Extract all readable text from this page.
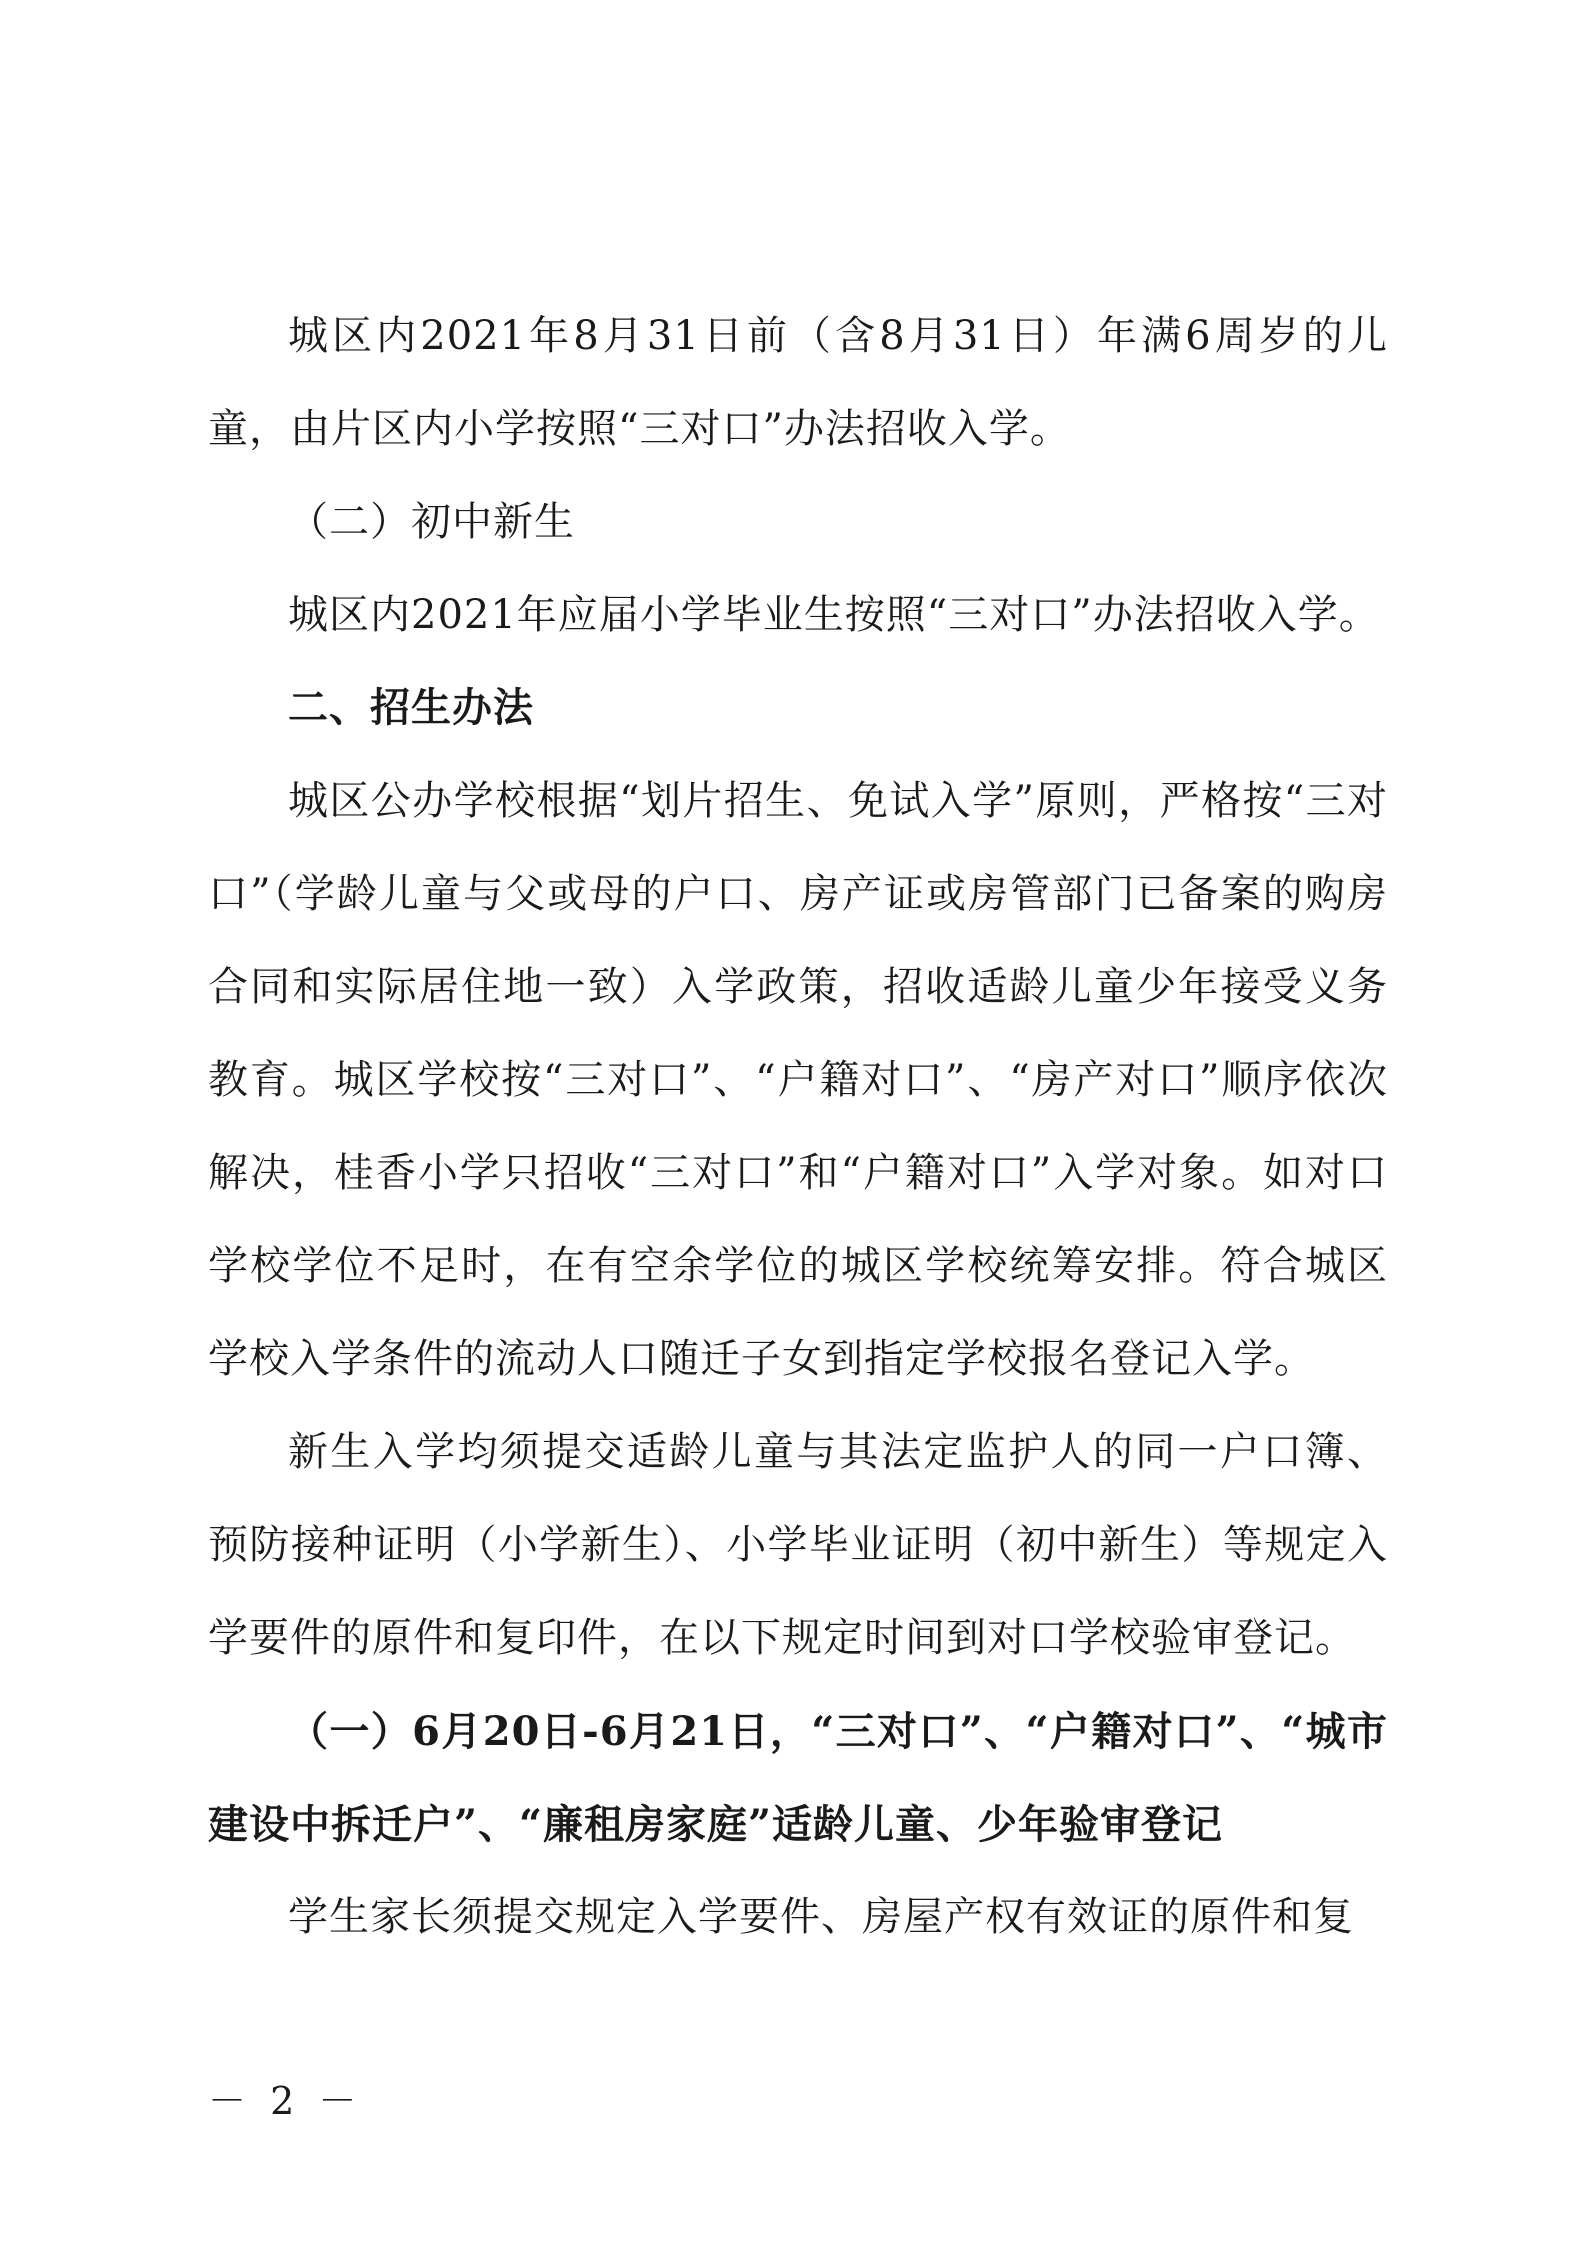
城区内2021年8月31日前（含8月31日）年满6周岁的儿童，由片区内小学按照“三对口”办法招收入学。

（二）初中新生

城区内2021年应届小学毕业生按照“三对口”办法招收入学。

二、招生办法

城区公办学校根据“划片招生、免试入学”原则，严格按“三对口”（学龄儿童与父或母的户口、房产证或房管部门已备案的购房合同和实际居住地一致）入学政策，招收适龄儿童少年接受义务教育。城区学校按“三对口”、“户籍对口”、“房产对口”顺序依次解决，桂香小学只招收“三对口”和“户籍对口”入学对象。如对口学校学位不足时，在有空余学位的城区学校统筹安排。符合城区学校入学条件的流动人口随迁子女到指定学校报名登记入学。

新生入学均须提交适龄儿童与其法定监护人的同一户口簿、预防接种证明（小学新生）、小学毕业证明（初中新生）等规定入学要件的原件和复印件，在以下规定时间到对口学校验审登记。

（一）6月20日-6月21日，“三对口”、“户籍对口”、“城市建设中拆迁户”、“廉租房家庭”适龄儿童、少年验审登记

学生家长须提交规定入学要件、房屋产权有效证的原件和复

－ 2 －
